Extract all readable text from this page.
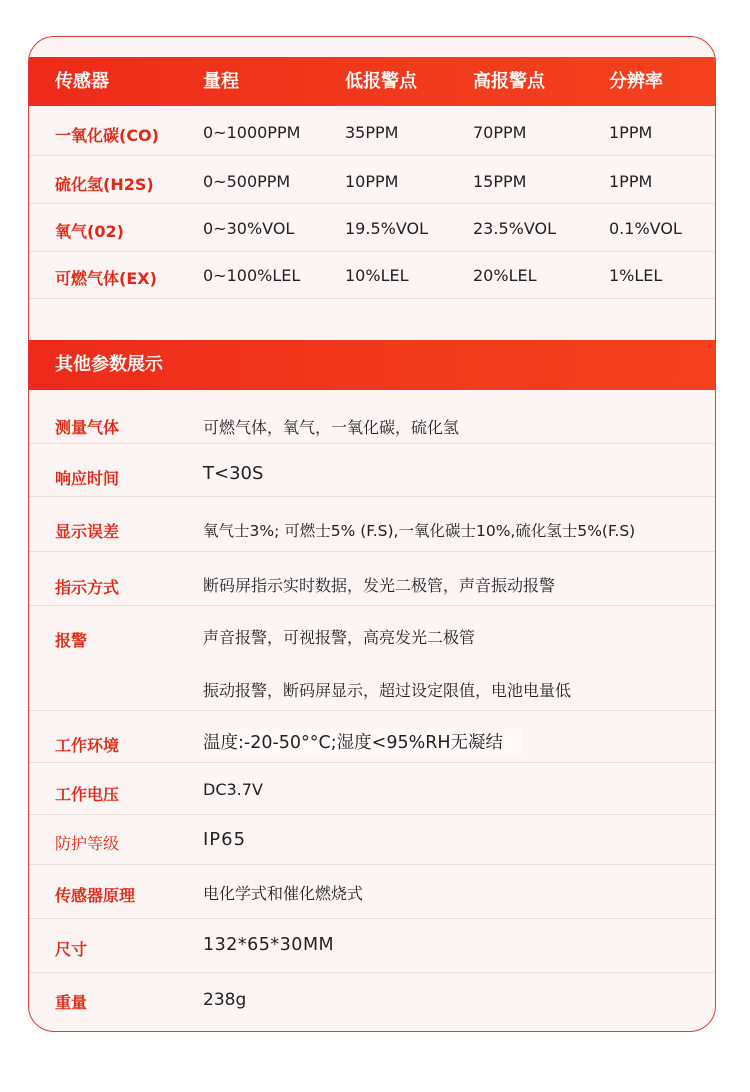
传感器	量程	低报警点	高报警点	分辨率
一氧化碳(CO)	0~1000PPM	35PPM	70PPM	1PPM
硫化氢(H2S)	0~500PPM	10PPM	15PPM	1PPM
氧气(02)	0~30%VOL	19.5%VOL	23.5%VOL	0.1%VOL
可燃气体(EX)	0~100%LEL	10%LEL	20%LEL	1%LEL
其他参数展示
测量气体	可燃气体，氧气，一氧化碳，硫化氢
响应时间	T<30S
显示误差	氧气士3%; 可燃士5% (F.S),一氧化碳士10%,硫化氢士5%(F.S)
指示方式	断码屏指示实时数据，发光二极管，声音振动报警
报警	声音报警，可视报警，高亮发光二极管
振动报警，断码屏显示，超过设定限值，电池电量低
工作环境	温度:-20-50°°C;湿度<95%RH无凝结
工作电压	DC3.7V
防护等级	IP65
传感器原理	电化学式和催化燃烧式
尺寸	132*65*30MM
重量	238g
